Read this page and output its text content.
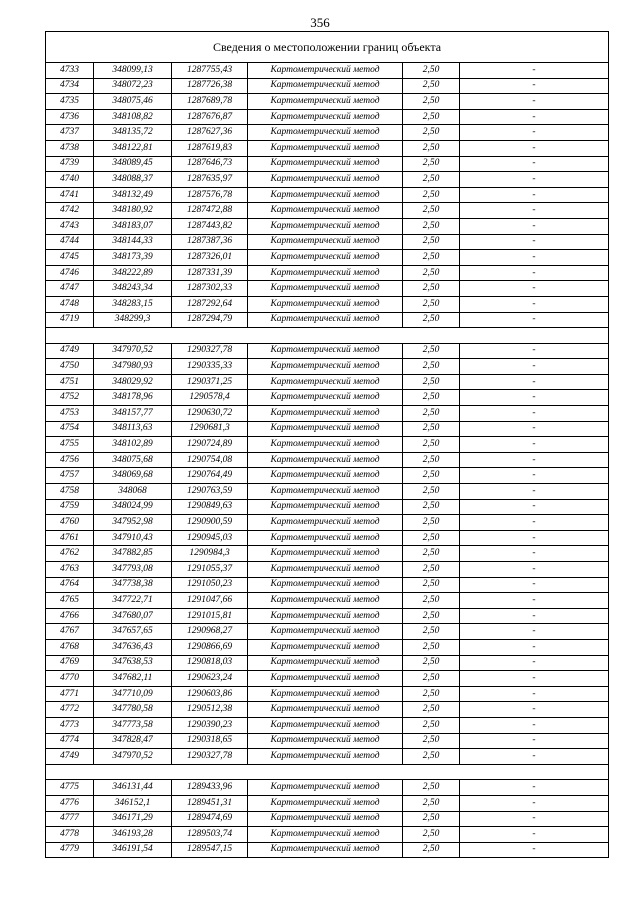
356
Сведения о местоположении границ объекта					
4733	348099,13	1287755,43	Картометрический метод	2,50	-
4734	348072,23	1287726,38	Картометрический метод	2,50	-
4735	348075,46	1287689,78	Картометрический метод	2,50	-
4736	348108,82	1287676,87	Картометрический метод	2,50	-
4737	348135,72	1287627,36	Картометрический метод	2,50	-
4738	348122,81	1287619,83	Картометрический метод	2,50	-
4739	348089,45	1287646,73	Картометрический метод	2,50	-
4740	348088,37	1287635,97	Картометрический метод	2,50	-
4741	348132,49	1287576,78	Картометрический метод	2,50	-
4742	348180,92	1287472,88	Картометрический метод	2,50	-
4743	348183,07	1287443,82	Картометрический метод	2,50	-
4744	348144,33	1287387,36	Картометрический метод	2,50	-
4745	348173,39	1287326,01	Картометрический метод	2,50	-
4746	348222,89	1287331,39	Картометрический метод	2,50	-
4747	348243,34	1287302,33	Картометрический метод	2,50	-
4748	348283,15	1287292,64	Картометрический метод	2,50	-
4719	348299,3	1287294,79	Картометрический метод	2,50	-

4749	347970,52	1290327,78	Картометрический метод	2,50	-
4750	347980,93	1290335,33	Картометрический метод	2,50	-
4751	348029,92	1290371,25	Картометрический метод	2,50	-
4752	348178,96	1290578,4	Картометрический метод	2,50	-
4753	348157,77	1290630,72	Картометрический метод	2,50	-
4754	348113,63	1290681,3	Картометрический метод	2,50	-
4755	348102,89	1290724,89	Картометрический метод	2,50	-
4756	348075,68	1290754,08	Картометрический метод	2,50	-
4757	348069,68	1290764,49	Картометрический метод	2,50	-
4758	348068	1290763,59	Картометрический метод	2,50	-
4759	348024,99	1290849,63	Картометрический метод	2,50	-
4760	347952,98	1290900,59	Картометрический метод	2,50	-
4761	347910,43	1290945,03	Картометрический метод	2,50	-
4762	347882,85	1290984,3	Картометрический метод	2,50	-
4763	347793,08	1291055,37	Картометрический метод	2,50	-
4764	347738,38	1291050,23	Картометрический метод	2,50	-
4765	347722,71	1291047,66	Картометрический метод	2,50	-
4766	347680,07	1291015,81	Картометрический метод	2,50	-
4767	347657,65	1290968,27	Картометрический метод	2,50	-
4768	347636,43	1290866,69	Картометрический метод	2,50	-
4769	347638,53	1290818,03	Картометрический метод	2,50	-
4770	347682,11	1290623,24	Картометрический метод	2,50	-
4771	347710,09	1290603,86	Картометрический метод	2,50	-
4772	347780,58	1290512,38	Картометрический метод	2,50	-
4773	347773,58	1290390,23	Картометрический метод	2,50	-
4774	347828,47	1290318,65	Картометрический метод	2,50	-
4749	347970,52	1290327,78	Картометрический метод	2,50	-

4775	346131,44	1289433,96	Картометрический метод	2,50	-
4776	346152,1	1289451,31	Картометрический метод	2,50	-
4777	346171,29	1289474,69	Картометрический метод	2,50	-
4778	346193,28	1289503,74	Картометрический метод	2,50	-
4779	346191,54	1289547,15	Картометрический метод	2,50	-
